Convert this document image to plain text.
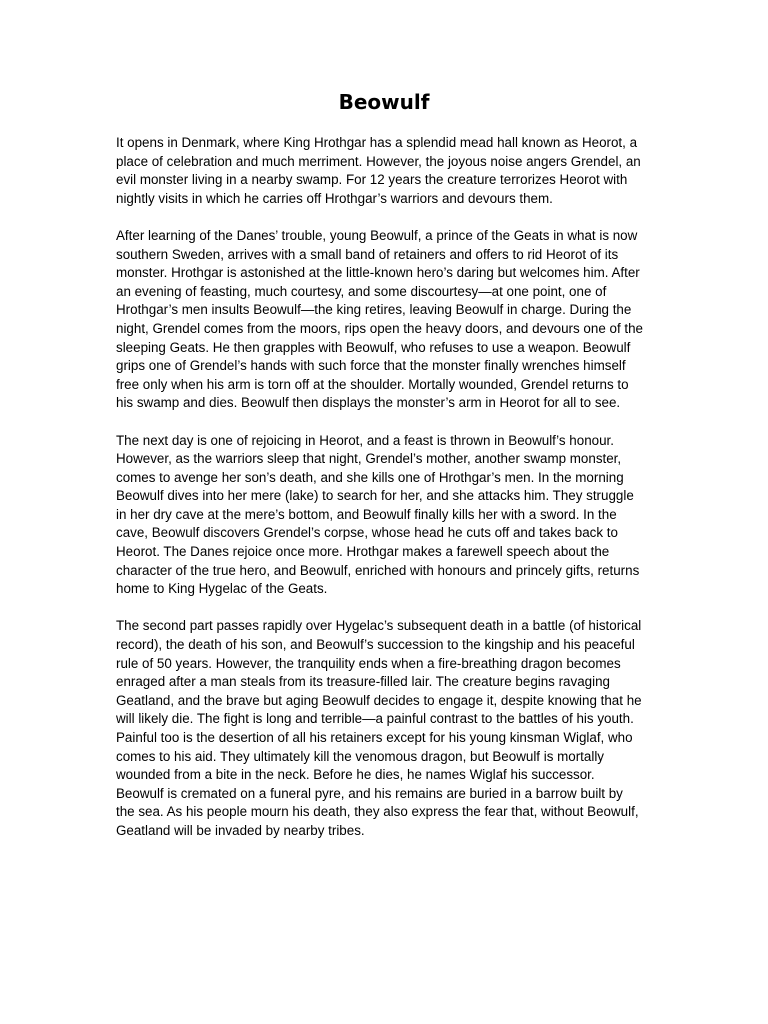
Beowulf

It opens in Denmark, where King Hrothgar has a splendid mead hall known as Heorot, a place of celebration and much merriment. However, the joyous noise angers Grendel, an evil monster living in a nearby swamp. For 12 years the creature terrorizes Heorot with nightly visits in which he carries off Hrothgar’s warriors and devours them.

After learning of the Danes’ trouble, young Beowulf, a prince of the Geats in what is now southern Sweden, arrives with a small band of retainers and offers to rid Heorot of its monster. Hrothgar is astonished at the little-known hero’s daring but welcomes him. After an evening of feasting, much courtesy, and some discourtesy—at one point, one of Hrothgar’s men insults Beowulf—the king retires, leaving Beowulf in charge. During the night, Grendel comes from the moors, rips open the heavy doors, and devours one of the sleeping Geats. He then grapples with Beowulf, who refuses to use a weapon. Beowulf grips one of Grendel’s hands with such force that the monster finally wrenches himself free only when his arm is torn off at the shoulder. Mortally wounded, Grendel returns to his swamp and dies. Beowulf then displays the monster’s arm in Heorot for all to see.

The next day is one of rejoicing in Heorot, and a feast is thrown in Beowulf’s honour. However, as the warriors sleep that night, Grendel’s mother, another swamp monster, comes to avenge her son’s death, and she kills one of Hrothgar’s men. In the morning Beowulf dives into her mere (lake) to search for her, and she attacks him. They struggle in her dry cave at the mere’s bottom, and Beowulf finally kills her with a sword. In the cave, Beowulf discovers Grendel’s corpse, whose head he cuts off and takes back to Heorot. The Danes rejoice once more. Hrothgar makes a farewell speech about the character of the true hero, and Beowulf, enriched with honours and princely gifts, returns home to King Hygelac of the Geats.

The second part passes rapidly over Hygelac’s subsequent death in a battle (of historical record), the death of his son, and Beowulf’s succession to the kingship and his peaceful rule of 50 years. However, the tranquility ends when a fire-breathing dragon becomes enraged after a man steals from its treasure-filled lair. The creature begins ravaging Geatland, and the brave but aging Beowulf decides to engage it, despite knowing that he will likely die. The fight is long and terrible—a painful contrast to the battles of his youth. Painful too is the desertion of all his retainers except for his young kinsman Wiglaf, who comes to his aid. They ultimately kill the venomous dragon, but Beowulf is mortally wounded from a bite in the neck. Before he dies, he names Wiglaf his successor. Beowulf is cremated on a funeral pyre, and his remains are buried in a barrow built by the sea. As his people mourn his death, they also express the fear that, without Beowulf, Geatland will be invaded by nearby tribes.
